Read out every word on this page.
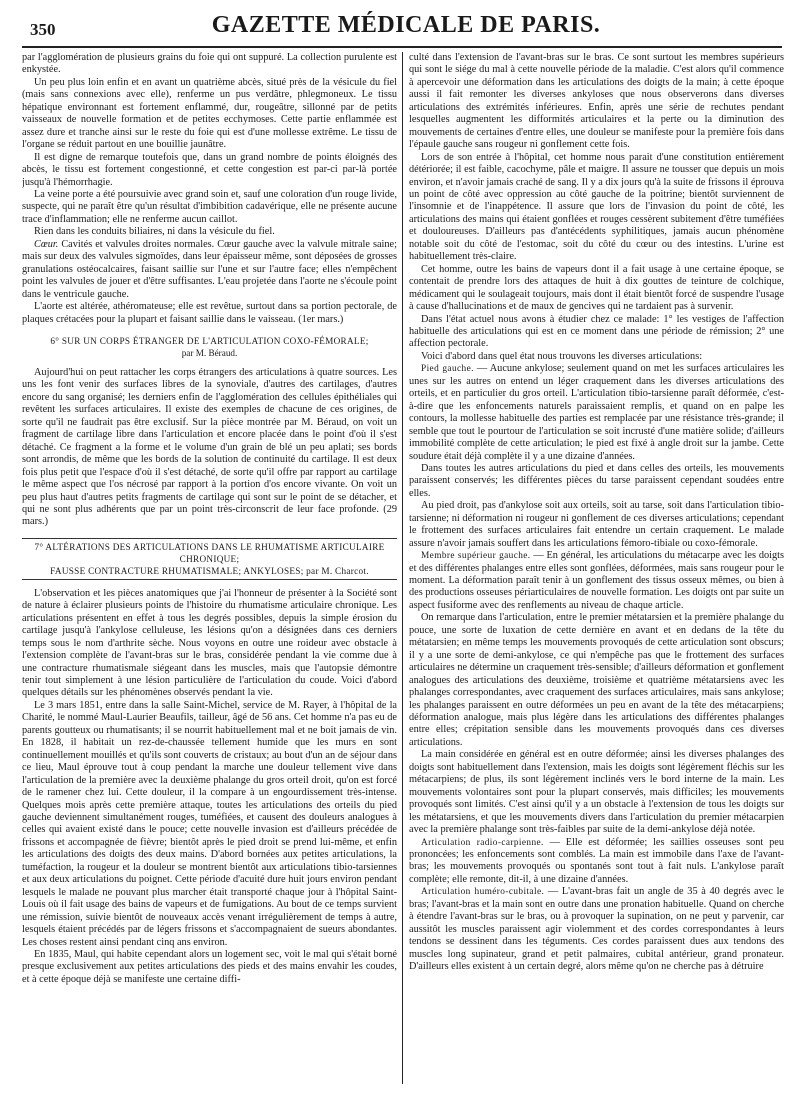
350	GAZETTE MÉDICALE DE PARIS.

par l'agglomération de plusieurs grains du foie qui ont suppuré. La collection purulente est enkystée.

Un peu plus loin enfin et en avant un quatrième abcès, situé près de la vésicule du fiel (mais sans connexions avec elle), renferme un pus verdâtre, phlegmoneux. Le tissu hépatique environnant est fortement enflammé, dur, rougeâtre, sillonné par de petits vaisseaux de nouvelle formation et de petites ecchymoses. Cette partie enflammée est assez dure et tranche ainsi sur le reste du foie qui est d'une mollesse extrême. Le tissu de l'organe se réduit partout en une bouillie jaunâtre.

Il est digne de remarque toutefois que, dans un grand nombre de points éloignés des abcès, le tissu est fortement congestionné, et cette congestion est par-ci par-là portée jusqu'à l'hémorrhagie.

La veine porte a été poursuivie avec grand soin et, sauf une coloration d'un rouge livide, suspecte, qui ne paraît être qu'un résultat d'imbibition cadavérique, elle ne présente aucune trace d'inflammation; elle ne renferme aucun caillot.

Rien dans les conduits biliaires, ni dans la vésicule du fiel.

Cœur. Cavités et valvules droites normales. Cœur gauche avec la valvule mitrale saine; mais sur deux des valvules sigmoïdes, dans leur épaisseur même, sont déposées de grosses granulations ostéocalcaires, faisant saillie sur l'une et sur l'autre face; elles n'empêchent point les valvules de jouer et d'être suffisantes. L'eau projetée dans l'aorte ne s'écoule point dans le ventricule gauche.

L'aorte est altérée, athéromateuse; elle est revêtue, surtout dans sa portion pectorale, de plaques crétacées pour la plupart et faisant saillie dans le vaisseau. (1er mars.)

6° SUR UN CORPS ÉTRANGER DE L'ARTICULATION COXO-FÉMORALE;
par M. Béraud.

Aujourd'hui on peut rattacher les corps étrangers des articulations à quatre sources. Les uns les font venir des surfaces libres de la synoviale, d'autres des cartilages, d'autres encore du sang organisé; les derniers enfin de l'agglomération des cellules épithéliales qui revêtent les surfaces articulaires. Il existe des exemples de chacune de ces origines, de sorte qu'il ne faudrait pas être exclusif. Sur la pièce montrée par M. Béraud, on voit un fragment de cartilage libre dans l'articulation et encore placée dans le point d'où il s'est détaché. Ce fragment a la forme et le volume d'un grain de blé un peu aplati; ses bords sont arrondis, de même que les bords de la solution de continuité du cartilage. Il est deux fois plus petit que l'espace d'où il s'est détaché, de sorte qu'il offre par rapport au cartilage le même aspect que l'os nécrosé par rapport à la portion d'os encore vivante. On voit un peu plus haut d'autres petits fragments de cartilage qui sont sur le point de se détacher, et qui ne sont plus adhérents que par un point très-circonscrit de leur face profonde. (29 mars.)

7° ALTÉRATIONS DES ARTICULATIONS DANS LE RHUMATISME ARTICULAIRE CHRONIQUE;
FAUSSE CONTRACTURE RHUMATISMALE; ANKYLOSES; par M. Charcot.

L'observation et les pièces anatomiques que j'ai l'honneur de présenter à la Société sont de nature à éclairer plusieurs points de l'histoire du rhumatisme articulaire chronique. Les articulations présentent en effet à tous les degrés possibles, depuis la simple érosion du cartilage jusqu'à l'ankylose celluleuse, les lésions qu'on a désignées dans ces derniers temps sous le nom d'arthrite sèche. Nous voyons en outre une roideur avec obstacle à l'extension complète de l'avant-bras sur le bras, considérée pendant la vie comme due à une contracture rhumatismale siégeant dans les muscles, mais que l'autopsie démontre tenir tout simplement à une lésion particulière de l'articulation du coude. Voici d'abord quelques détails sur les phénomènes observés pendant la vie.

Le 3 mars 1851, entre dans la salle Saint-Michel, service de M. Rayer, à l'hôpital de la Charité, le nommé Maul-Laurier Beaufils, tailleur, âgé de 56 ans. Cet homme n'a pas eu de parents goutteux ou rhumatisants; il se nourrit habituellement mal et ne boit jamais de vin. En 1828, il habitait un rez-de-chaussée tellement humide que les murs en sont continuellement mouillés et qu'ils sont couverts de cristaux; au bout d'un an de séjour dans ce lieu, Maul éprouve tout à coup pendant la marche une douleur tellement vive dans l'articulation de la première avec la deuxième phalange du gros orteil droit, qu'on est forcé de le ramener chez lui. Cette douleur, il la compare à un engourdissement très-intense. Quelques mois après cette première attaque, toutes les articulations des orteils du pied gauche deviennent simultanément rouges, tuméfiées, et causent des douleurs analogues à celles qui avaient existé dans le pouce; cette nouvelle invasion est d'ailleurs précédée de frissons et accompagnée de fièvre; bientôt après le pied droit se prend lui-même, et enfin les articulations des doigts des deux mains. D'abord bornées aux petites articulations, la tuméfaction, la rougeur et la douleur se montrent bientôt aux articulations tibio-tarsiennes et aux deux articulations du poignet. Cette période d'acuité dure huit jours environ pendant lesquels le malade ne pouvant plus marcher était transporté chaque jour à l'hôpital Saint-Louis où il fait usage des bains de vapeurs et de fumigations. Au bout de ce temps survient une rémission, suivie bientôt de nouveaux accès venant irrégulièrement de temps à autre, lesquels étaient précédés par de légers frissons et s'accompagnaient de sueurs abondantes. Les choses restent ainsi pendant cinq ans environ.

En 1835, Maul, qui habite cependant alors un logement sec, voit le mal qui s'était borné presque exclusivement aux petites articulations des pieds et des mains envahir les coudes, et à cette époque déjà se manifeste une certaine diffi-

culté dans l'extension de l'avant-bras sur le bras. Ce sont surtout les membres supérieurs qui sont le siége du mal à cette nouvelle période de la maladie. C'est alors qu'il commence à apercevoir une déformation dans les articulations des doigts de la main; à cette époque aussi il fait remonter les diverses ankyloses que nous observerons dans diverses articulations des extrémités inférieures. Enfin, après une série de rechutes pendant lesquelles augmentent les difformités articulaires et la perte ou la diminution des mouvements de certaines d'entre elles, une douleur se manifeste pour la première fois dans l'épaule gauche sans rougeur ni gonflement cette fois.

Lors de son entrée à l'hôpital, cet homme nous parait d'une constitution entièrement détériorée; il est faible, cacochyme, pâle et maigre. Il assure ne tousser que depuis un mois environ, et n'avoir jamais craché de sang. Il y a dix jours qu'à la suite de frissons il éprouva un point de côté avec oppression au côté gauche de la poitrine; bientôt surviennent de l'insomnie et de l'inappétence. Il assure que lors de l'invasion du point de côté, les articulations des mains qui étaient gonflées et rouges cessèrent subitement d'être tuméfiées et douloureuses. D'ailleurs pas d'antécédents syphilitiques, jamais aucun phénomène notable soit du côté de l'estomac, soit du côté du cœur ou des intestins. L'urine est habituellement très-claire.

Cet homme, outre les bains de vapeurs dont il a fait usage à une certaine époque, se contentait de prendre lors des attaques de huit à dix gouttes de teinture de colchique, médicament qui le soulageait toujours, mais dont il était bientôt forcé de suspendre l'usage à cause d'hallucinations et de maux de gencives qui ne tardaient pas à survenir.

Dans l'état actuel nous avons à étudier chez ce malade: 1° les vestiges de l'affection habituelle des articulations qui est en ce moment dans une période de rémission; 2° une affection pectorale.

Voici d'abord dans quel état nous trouvons les diverses articulations:

Pied gauche. — Aucune ankylose; seulement quand on met les surfaces articulaires les unes sur les autres on entend un léger craquement dans les diverses articulations des orteils, et en particulier du gros orteil. L'articulation tibio-tarsienne paraît déformée, c'est-à-dire que les enfoncements naturels paraissaient remplis, et quand on en palpe les contours, la mollesse habituelle des parties est remplacée par une résistance très-grande; il semble que tout le pourtour de l'articulation se soit incrusté d'une matière solide; d'ailleurs immobilité complète de cette articulation; le pied est fixé à angle droit sur la jambe. Cette soudure était déjà complète il y a une dizaine d'années.

Dans toutes les autres articulations du pied et dans celles des orteils, les mouvements paraissent conservés; les différentes pièces du tarse paraissent cependant soudées entre elles.

Au pied droit, pas d'ankylose soit aux orteils, soit au tarse, soit dans l'articulation tibio-tarsienne; ni déformation ni rougeur ni gonflement de ces diverses articulations; cependant le frottement des surfaces articulaires fait entendre un certain craquement. Le malade assure n'avoir jamais souffert dans les articulations fémoro-tibiale ou coxo-fémorale.

Membre supérieur gauche. — En général, les articulations du métacarpe avec les doigts et des différentes phalanges entre elles sont gonflées, déformées, mais sans rougeur pour le moment. La déformation paraît tenir à un gonflement des tissus osseux mêmes, ou bien à des productions osseuses périarticulaires de nouvelle formation. Les doigts ont par suite un aspect fusiforme avec des renflements au niveau de chaque article.

On remarque dans l'articulation, entre le premier métatarsien et la première phalange du pouce, une sorte de luxation de cette dernière en avant et en dedans de la tête du métatarsien; en même temps les mouvements provoqués de cette articulation sont obscurs; il y a une sorte de demi-ankylose, ce qui n'empêche pas que le frottement des surfaces articulaires ne détermine un craquement très-sensible; d'ailleurs déformation et gonflement analogues des articulations des deuxième, troisième et quatrième métatarsiens avec les phalanges correspondantes, avec craquement des surfaces articulaires, mais sans ankylose; les phalanges paraissent en outre déformées un peu en avant de la tête des métacarpiens; déformation analogue, mais plus légère dans les articulations des différentes phalanges entre elles; crépitation sensible dans les mouvements provoqués dans ces diverses articulations.

La main considérée en général est en outre déformée; ainsi les diverses phalanges des doigts sont habituellement dans l'extension, mais les doigts sont légèrement fléchis sur les métacarpiens; de plus, ils sont légèrement inclinés vers le bord interne de la main. Les mouvements volontaires sont pour la plupart conservés, mais difficiles; les mouvements provoqués sont limités. C'est ainsi qu'il y a un obstacle à l'extension de tous les doigts sur les métatarsiens, et que les mouvements divers dans l'articulation du premier métacarpien avec la première phalange sont très-faibles par suite de la demi-ankylose déjà notée.

Articulation radio-carpienne. — Elle est déformée; les saillies osseuses sont peu prononcées; les enfoncements sont comblés. La main est immobile dans l'axe de l'avant-bras; les mouvements provoqués ou spontanés sont tout à fait nuls. L'ankylose paraît complète; elle remonte, dit-il, à une dizaine d'années.

Articulation huméro-cubitale. — L'avant-bras fait un angle de 35 à 40 degrés avec le bras; l'avant-bras et la main sont en outre dans une pronation habituelle. Quand on cherche à étendre l'avant-bras sur le bras, ou à provoquer la supination, on ne peut y parvenir, car aussitôt les muscles paraissent agir violemment et des cordes correspondantes à leurs tendons se dessinent dans les téguments. Ces cordes paraissent dues aux tendons des muscles long supinateur, grand et petit palmaires, cubital antérieur, grand pronateur. D'ailleurs elles existent à un certain degré, alors même qu'on ne cherche pas à détruire
